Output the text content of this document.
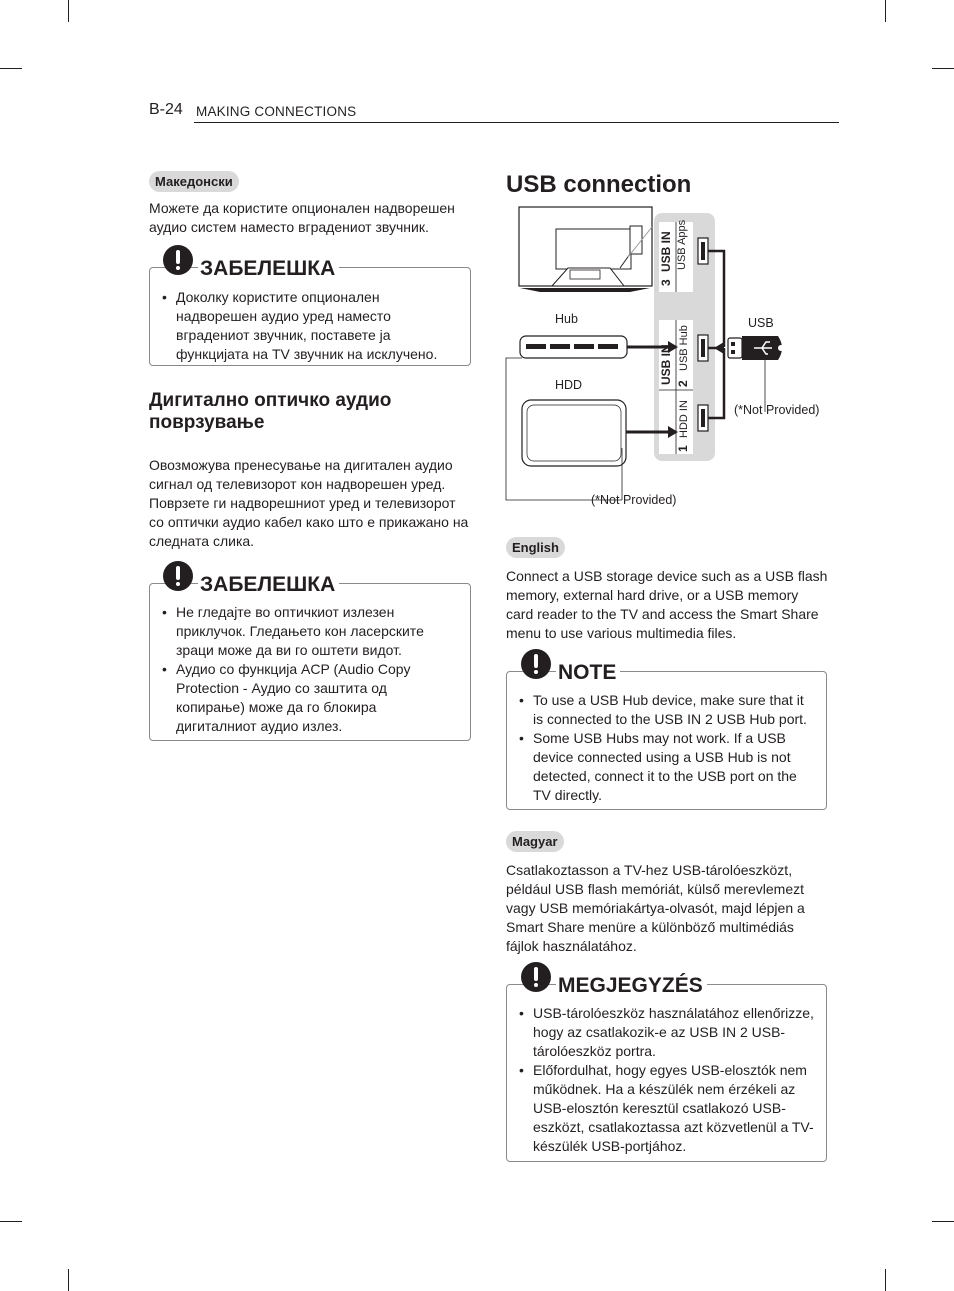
B-24 MAKING CONNECTIONS
Македонски
Можете да користите опционален надворешен аудио систем наместо вградениот звучник.
ЗАБЕЛЕШКА
• Доколку користите опционален надворешен аудио уред наместо вградениот звучник, поставете ја функцијата на TV звучник на исклучено.
Дигитално оптичко аудио поврзување
Овозможува пренесување на дигитален аудио сигнал од телевизорот кон надворешен уред. Поврзете ги надворешниот уред и телевизорот со оптички аудио кабел како што е прикажано на следната слика.
ЗАБЕЛЕШКА
• Не гледајте во оптичкиот излезен приклучок. Гледањето кон ласерските зраци може да ви го оштети видот.
• Аудио со функција ACP (Audio Copy Protection - Аудио со заштита од копирање) може да го блокира дигиталниот аудио излез.
USB connection
Hub
HDD
USB
(*Not Provided)
(*Not Provided)
3USB IN USB Apps
USB IN 2USB Hub
1HDD IN
English
Connect a USB storage device such as a USB flash memory, external hard drive, or a USB memory card reader to the TV and access the Smart Share menu to use various multimedia files.
NOTE
• To use a USB Hub device, make sure that it is connected to the USB IN 2 USB Hub port.
• Some USB Hubs may not work. If a USB device connected using a USB Hub is not detected, connect it to the USB port on the TV directly.
Magyar
Csatlakoztasson a TV-hez USB-tárolóeszközt, például USB flash memóriát, külső merevlemezt vagy USB memóriakártya-olvasót, majd lépjen a Smart Share menüre a különböző multimédiás fájlok használatához.
MEGJEGYZÉS
• USB-tárolóeszköz használatához ellenőrizze, hogy az csatlakozik-e az USB IN 2 USB-tárolóeszköz portra.
• Előfordulhat, hogy egyes USB-elosztók nem működnek. Ha a készülék nem érzékeli az USB-elosztón keresztül csatlakozó USB-eszközt, csatlakoztassa azt közvetlenül a TV-készülék USB-portjához.
